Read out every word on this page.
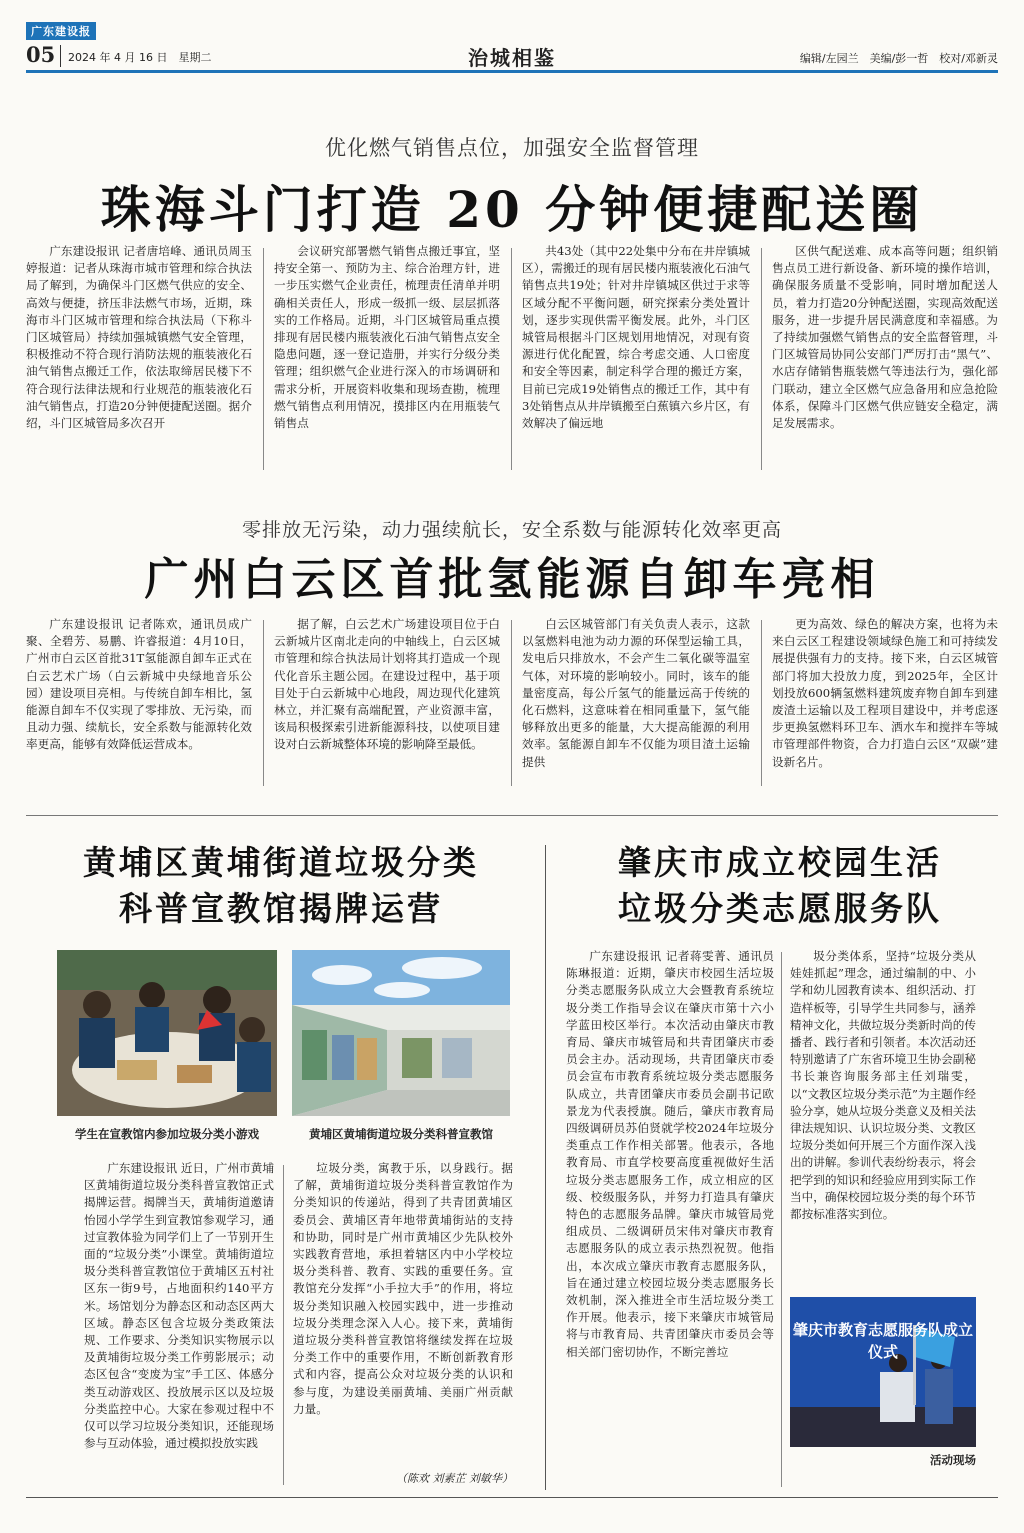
广东建设报
05 2024 年 4 月 16 日　星期二	治城相鉴	编辑/左园兰　美编/彭一哲　校对/邓新灵
优化燃气销售点位，加强安全监督管理
珠海斗门打造 20 分钟便捷配送圈

广东建设报讯 记者唐培峰、通讯员周玉婷报道：记者从珠海市城市管理和综合执法局了解到，为确保斗门区燃气供应的安全、高效与便捷，挤压非法燃气市场，近期，珠海市斗门区城市管理和综合执法局（下称斗门区城管局）持续加强城镇燃气安全管理，积极推动不符合现行消防法规的瓶装液化石油气销售点搬迁工作，依法取缔居民楼下不符合现行法律法规和行业规范的瓶装液化石油气销售点，打造20分钟便捷配送圈。据介绍，斗门区城管局多次召开

会议研究部署燃气销售点搬迁事宜，坚持安全第一、预防为主、综合治理方针，进一步压实燃气企业责任，梳理责任清单并明确相关责任人，形成一级抓一级、层层抓落实的工作格局。近期，斗门区城管局重点摸排现有居民楼内瓶装液化石油气销售点安全隐患问题，逐一登记造册，并实行分级分类管理；组织燃气企业进行深入的市场调研和需求分析，开展资料收集和现场查勘，梳理燃气销售点利用情况，摸排区内在用瓶装气销售点

共43处（其中22处集中分布在井岸镇城区），需搬迁的现有居民楼内瓶装液化石油气销售点共19处；针对井岸镇城区供过于求等区域分配不平衡问题，研究探索分类处置计划，逐步实现供需平衡发展。此外，斗门区城管局根据斗门区规划用地情况，对现有资源进行优化配置，综合考虑交通、人口密度和安全等因素，制定科学合理的搬迁方案，目前已完成19处销售点的搬迁工作，其中有3处销售点从井岸镇搬至白蕉镇六乡片区，有效解决了偏远地

区供气配送难、成本高等问题；组织销售点员工进行新设备、新环境的操作培训，确保服务质量不受影响，同时增加配送人员，着力打造20分钟配送圈，实现高效配送服务，进一步提升居民满意度和幸福感。为了持续加强燃气销售点的安全监督管理，斗门区城管局协同公安部门严厉打击“黑气”、水店存储销售瓶装燃气等违法行为，强化部门联动，建立全区燃气应急备用和应急抢险体系，保障斗门区燃气供应链安全稳定，满足发展需求。

零排放无污染，动力强续航长，安全系数与能源转化效率更高
广州白云区首批氢能源自卸车亮相

广东建设报讯 记者陈欢，通讯员成广聚、全碧芳、易鹏、许睿报道：4月10日，广州市白云区首批31T氢能源自卸车正式在白云艺术广场（白云新城中央绿地音乐公园）建设项目亮相。与传统自卸车相比，氢能源自卸车不仅实现了零排放、无污染，而且动力强、续航长，安全系数与能源转化效率更高，能够有效降低运营成本。

据了解，白云艺术广场建设项目位于白云新城片区南北走向的中轴线上，白云区城市管理和综合执法局计划将其打造成一个现代化音乐主题公园。在建设过程中，基于项目处于白云新城中心地段，周边现代化建筑林立，并汇聚有高端配置，产业资源丰富，该局积极探索引进新能源科技，以使项目建设对白云新城整体环境的影响降至最低。

白云区城管部门有关负责人表示，这款以氢燃料电池为动力源的环保型运输工具，发电后只排放水，不会产生二氧化碳等温室气体，对环境的影响较小。同时，该车的能量密度高，每公斤氢气的能量远高于传统的化石燃料，这意味着在相同重量下，氢气能够释放出更多的能量，大大提高能源的利用效率。氢能源自卸车不仅能为项目渣土运输提供

更为高效、绿色的解决方案，也将为未来白云区工程建设领域绿色施工和可持续发展提供强有力的支持。接下来，白云区城管部门将加大投放力度，到2025年，全区计划投放600辆氢燃料建筑废弃物自卸车到建废渣土运输以及工程项目建设中，并考虑逐步更换氢燃料环卫车、洒水车和搅拌车等城市管理部件物资，合力打造白云区“双碳”建设新名片。

黄埔区黄埔街道垃圾分类
科普宣教馆揭牌运营
学生在宣教馆内参加垃圾分类小游戏	黄埔区黄埔街道垃圾分类科普宣教馆

广东建设报讯 近日，广州市黄埔区黄埔街道垃圾分类科普宣教馆正式揭牌运营。揭牌当天，黄埔街道邀请怡园小学学生到宣教馆参观学习，通过宣教体验为同学们上了一节别开生面的“垃圾分类”小课堂。黄埔街道垃圾分类科普宣教馆位于黄埔区五村社区东一街9号，占地面积约140平方米。场馆划分为静态区和动态区两大区域。静态区包含垃圾分类政策法规、工作要求、分类知识实物展示以及黄埔街垃圾分类工作剪影展示；动态区包含“变废为宝”手工区、体感分类互动游戏区、投放展示区以及垃圾分类监控中心。大家在参观过程中不仅可以学习垃圾分类知识，还能现场参与互动体验，通过模拟投放实践

垃圾分类，寓教于乐，以身践行。据了解，黄埔街道垃圾分类科普宣教馆作为分类知识的传递站，得到了共青团黄埔区委员会、黄埔区青年地带黄埔街站的支持和协助，同时是广州市黄埔区少先队校外实践教育营地，承担着辖区内中小学校垃圾分类科普、教育、实践的重要任务。宣教馆充分发挥“小手拉大手”的作用，将垃圾分类知识融入校园实践中，进一步推动垃圾分类理念深入人心。接下来，黄埔街道垃圾分类科普宣教馆将继续发挥在垃圾分类工作中的重要作用，不断创新教育形式和内容，提高公众对垃圾分类的认识和参与度，为建设美丽黄埔、美丽广州贡献力量。

（陈欢 刘素芷 刘敏华）
肇庆市成立校园生活
垃圾分类志愿服务队

广东建设报讯 记者蒋雯菁、通讯员陈琳报道：近期，肇庆市校园生活垃圾分类志愿服务队成立大会暨教育系统垃圾分类工作指导会议在肇庆市第十六小学蓝田校区举行。本次活动由肇庆市教育局、肇庆市城管局和共青团肇庆市委员会主办。活动现场，共青团肇庆市委员会宣布市教育系统垃圾分类志愿服务队成立，共青团肇庆市委员会副书记欧景龙为代表授旗。随后，肇庆市教育局四级调研员苏伯贤就学校2024年垃圾分类重点工作作相关部署。他表示，各地教育局、市直学校要高度重视做好生活垃圾分类志愿服务工作，成立相应的区级、校级服务队，并努力打造具有肇庆特色的志愿服务品牌。肇庆市城管局党组成员、二级调研员宋伟对肇庆市教育志愿服务队的成立表示热烈祝贺。他指出，本次成立肇庆市教育志愿服务队，旨在通过建立校园垃圾分类志愿服务长效机制，深入推进全市生活垃圾分类工作开展。他表示，接下来肇庆市城管局将与市教育局、共青团肇庆市委员会等相关部门密切协作，不断完善垃

圾分类体系，坚持“垃圾分类从娃娃抓起”理念，通过编制的中、小学和幼儿园教育读本、组织活动、打造样板等，引导学生共同参与，涵养精神文化，共做垃圾分类新时尚的传播者、践行者和引领者。本次活动还特别邀请了广东省环境卫生协会副秘书长兼咨询服务部主任刘瑞雯，以“文教区垃圾分类示范”为主题作经验分享，她从垃圾分类意义及相关法律法规知识、认识垃圾分类、文教区垃圾分类如何开展三个方面作深入浅出的讲解。参训代表纷纷表示，将会把学到的知识和经验应用到实际工作当中，确保校园垃圾分类的每个环节都按标准落实到位。

肇庆市教育志愿服务队成立仪式
活动现场
